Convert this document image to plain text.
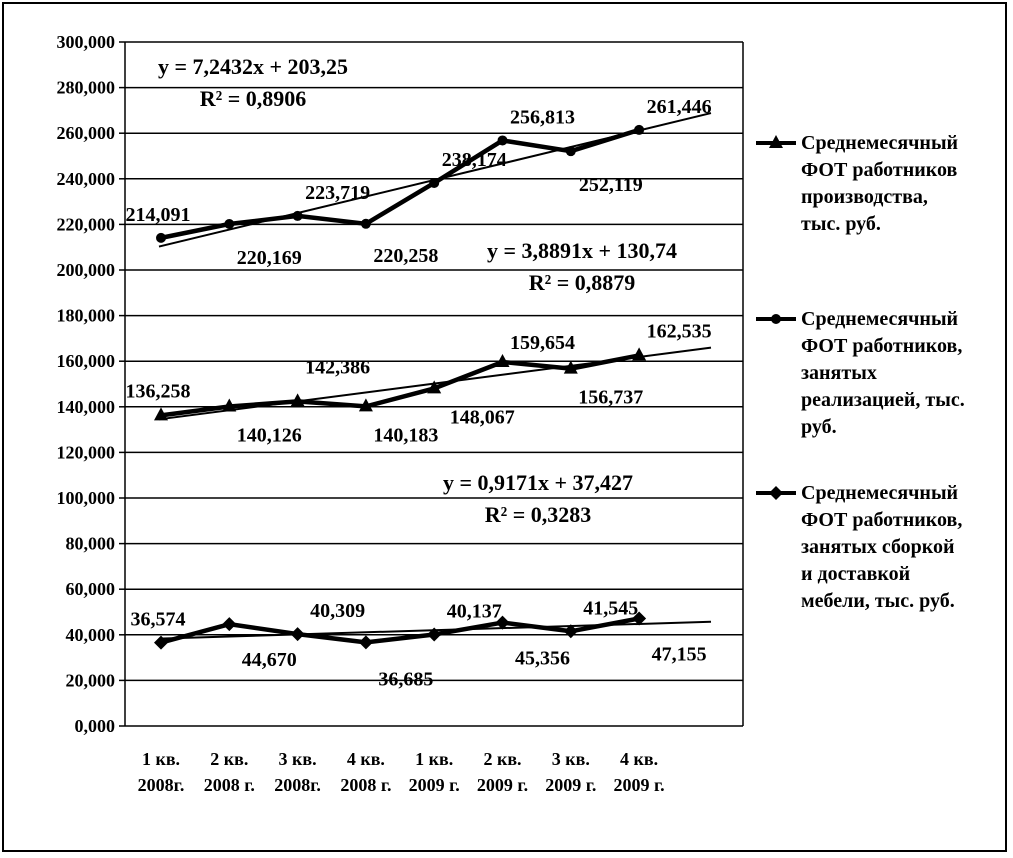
0,000
20,000
40,000
60,000
80,000
100,000
120,000
140,000
160,000
180,000
200,000
220,000
240,000
260,000
280,000
300,000
1 кв.
2008г.
2 кв.
2008 г.
3 кв.
2008г.
4 кв.
2008 г.
1 кв.
2009 г.
2 кв.
2009 г.
3 кв.
2009 г.
4 кв.
2009 г.
136,258
140,126
142,386
140,183
148,067
159,654
156,737
162,535
214,091
220,169
223,719
220,258
238,174
256,813
252,119
261,446
36,574
44,670
40,309
36,685
40,137
45,356
41,545
47,155
y = 3,8891x + 130,74
R² = 0,8879
y = 7,2432x + 203,25
R² = 0,8906
y = 0,9171x + 37,427
R² = 0,3283
Среднемесячный
ФОТ работников
производства,
тыс. руб.
Среднемесячный
ФОТ работников,
занятых
реализацией, тыс.
руб.
Среднемесячный
ФОТ работников,
занятых сборкой
и доставкой
мебели, тыс. руб.
